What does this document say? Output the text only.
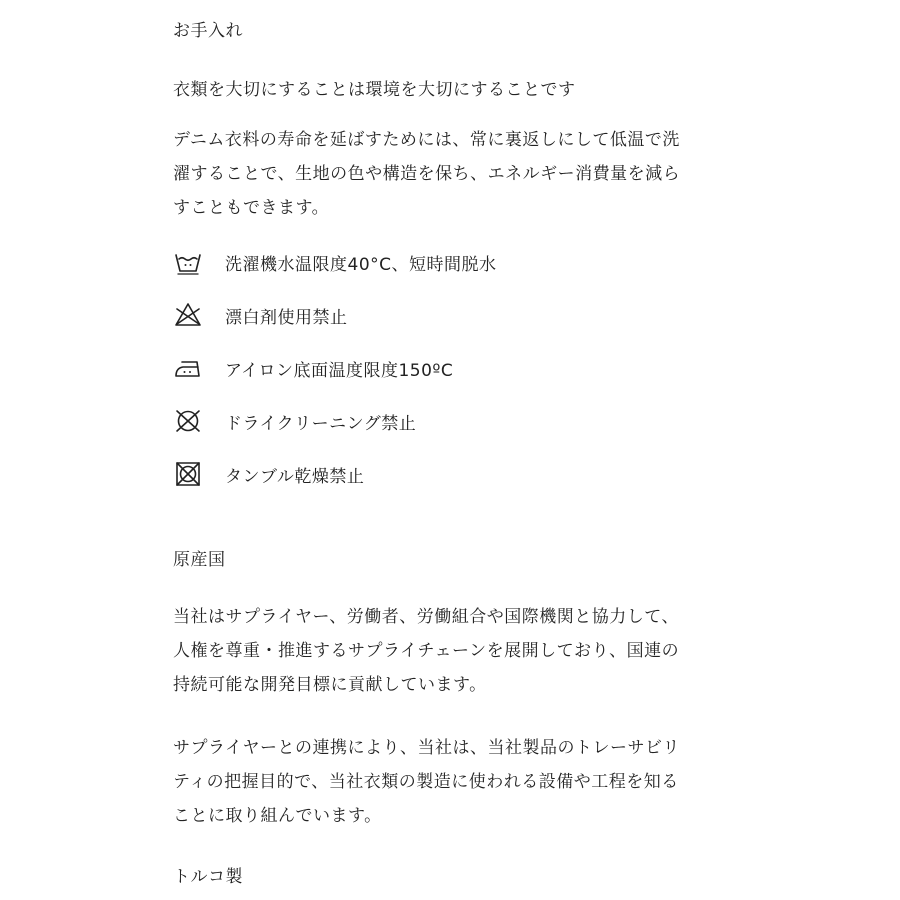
お手入れ
衣類を大切にすることは環境を大切にすることです
デニム衣料の寿命を延ばすためには、常に裏返しにして低温で洗
濯することで、生地の色や構造を保ち、エネルギー消費量を減ら
すこともできます。
洗濯機水温限度40°C、短時間脱水
漂白剤使用禁止
アイロン底面温度限度150ºC
ドライクリーニング禁止
タンブル乾燥禁止
原産国
当社はサプライヤー、労働者、労働組合や国際機関と協力して、
人権を尊重・推進するサプライチェーンを展開しており、国連の
持続可能な開発目標に貢献しています。
サプライヤーとの連携により、当社は、当社製品のトレーサビリ
ティの把握目的で、当社衣類の製造に使われる設備や工程を知る
ことに取り組んでいます。
トルコ製
